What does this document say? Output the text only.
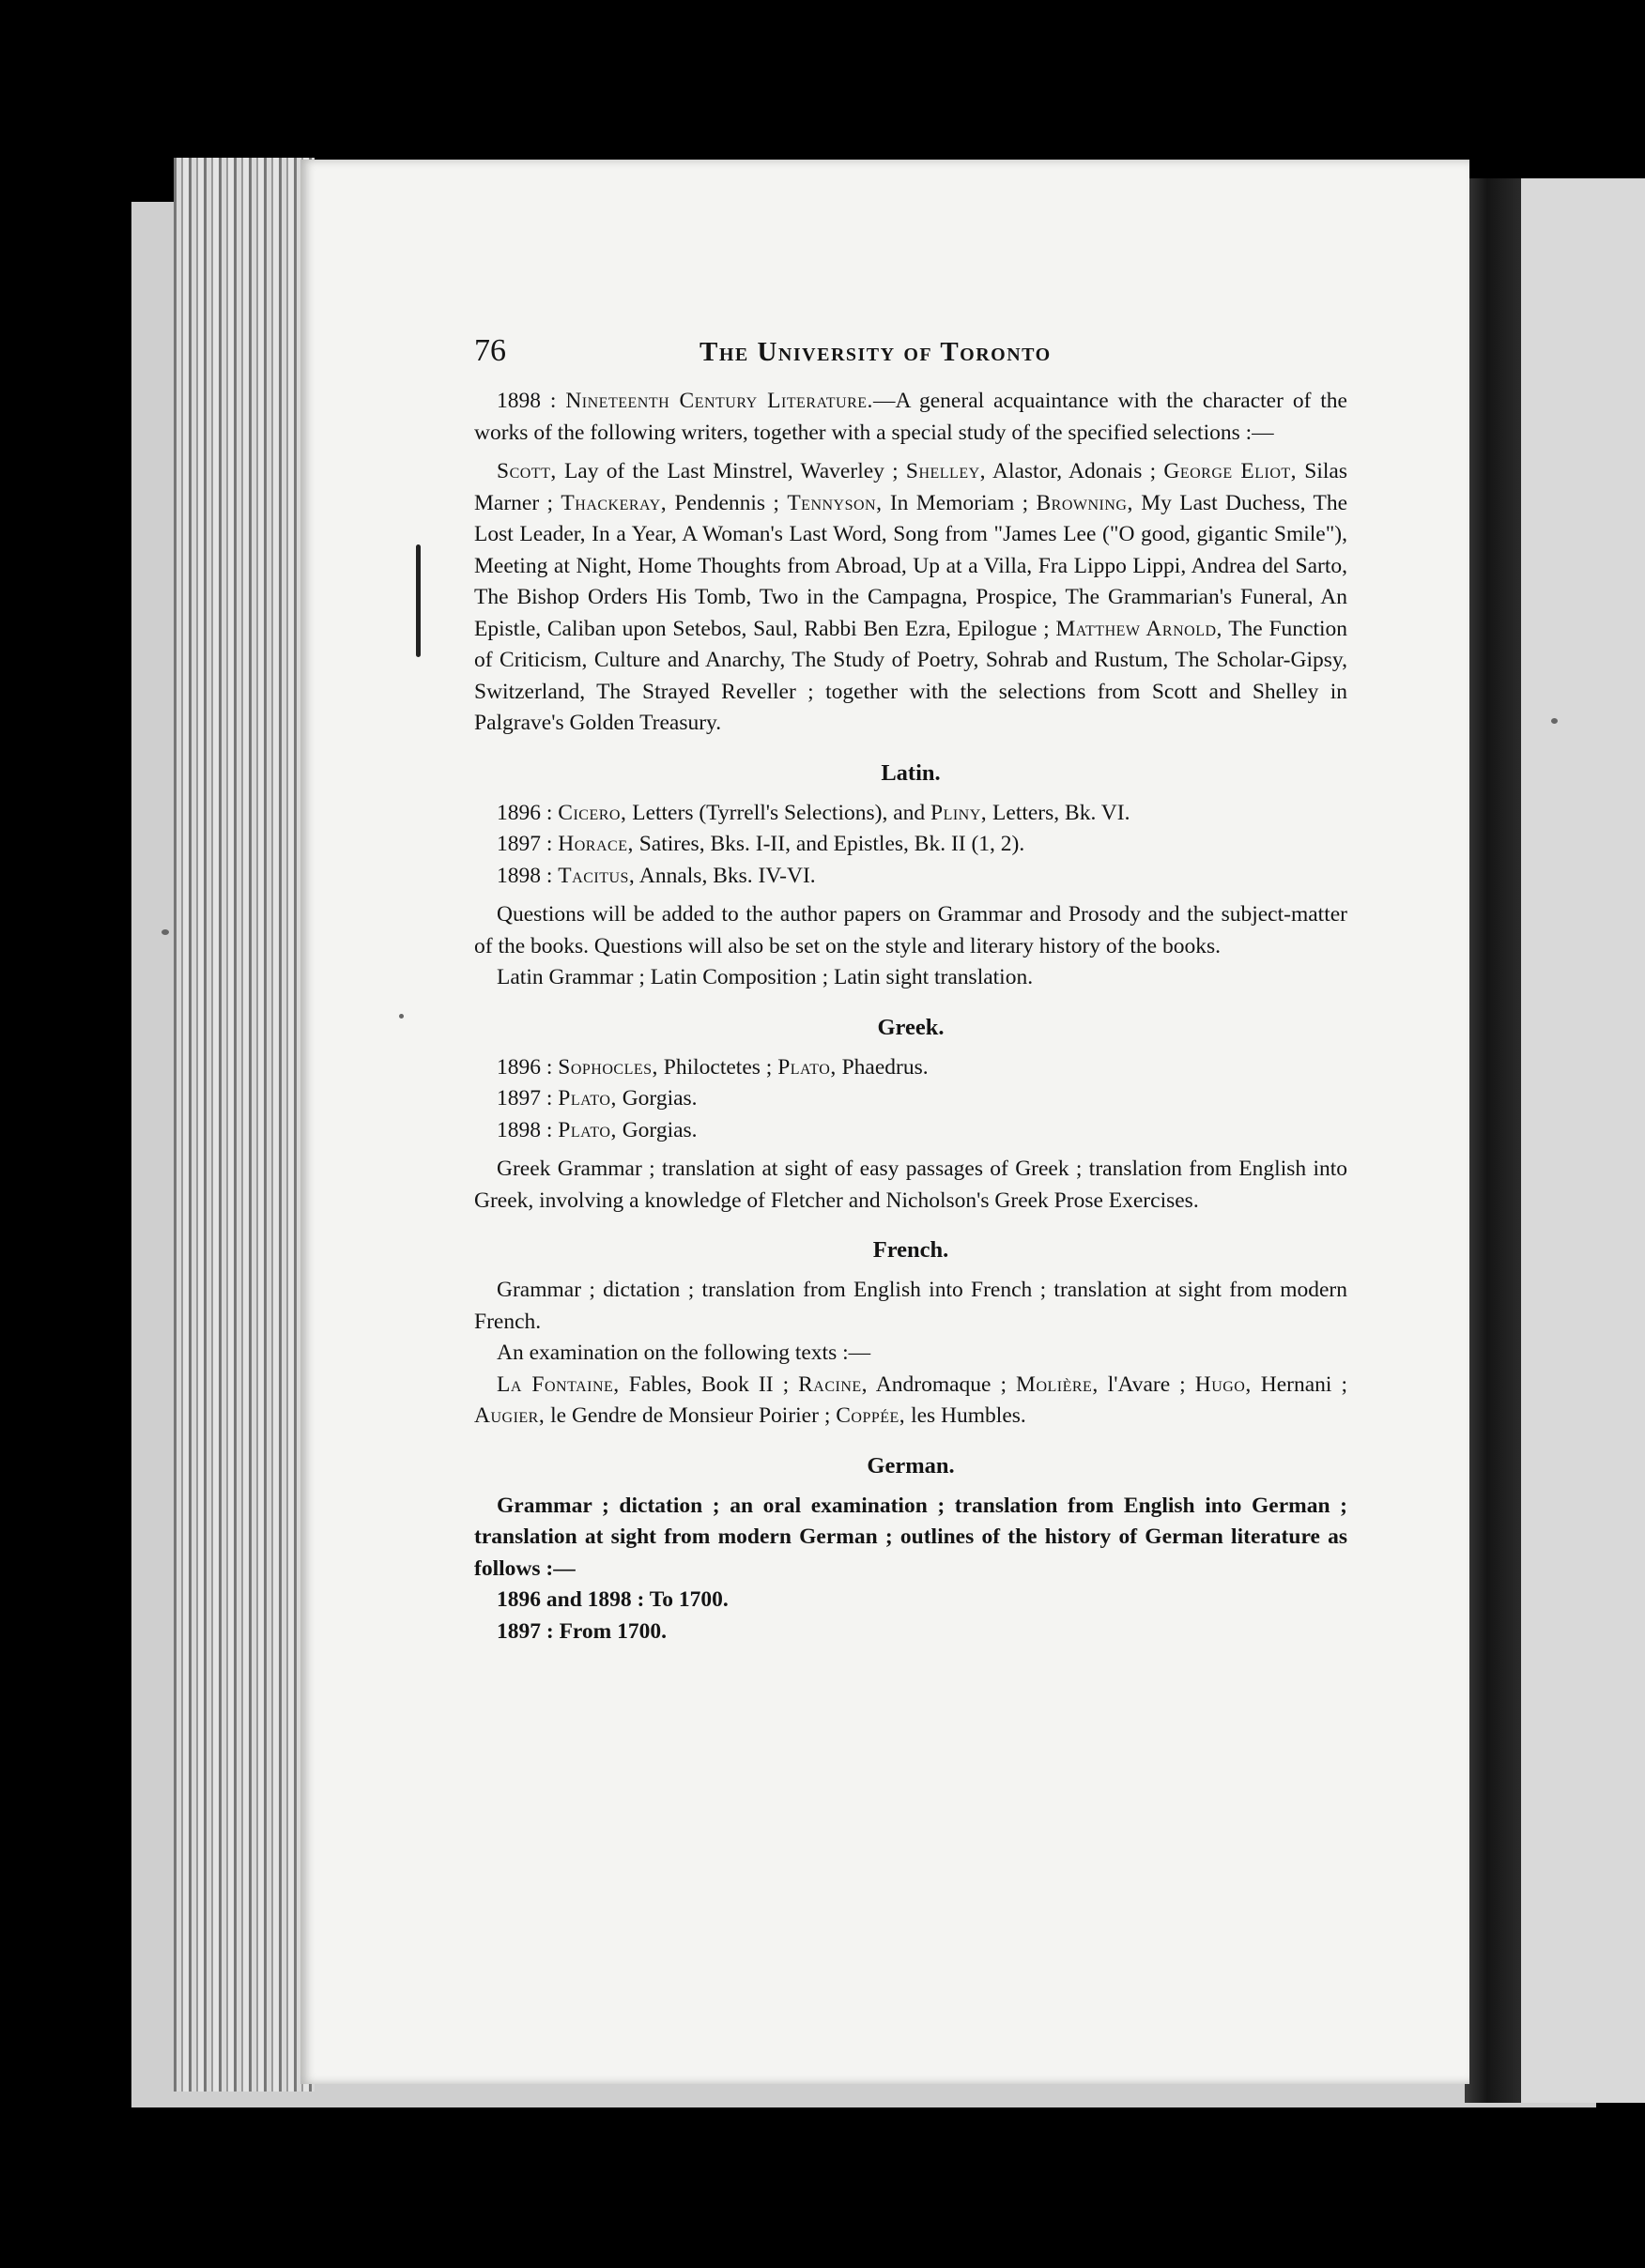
76	The University of Toronto

1898 : Nineteenth Century Literature.—A general acquaintance with the character of the works of the following writers, together with a special study of the specified selections :—

Scott, Lay of the Last Minstrel, Waverley ; Shelley, Alastor, Adonais ; George Eliot, Silas Marner ; Thackeray, Pendennis ; Tennyson, In Memoriam ; Browning, My Last Duchess, The Lost Leader, In a Year, A Woman's Last Word, Song from "James Lee ("O good, gigantic Smile"), Meeting at Night, Home Thoughts from Abroad, Up at a Villa, Fra Lippo Lippi, Andrea del Sarto, The Bishop Orders His Tomb, Two in the Campagna, Prospice, The Grammarian's Funeral, An Epistle, Caliban upon Setebos, Saul, Rabbi Ben Ezra, Epilogue ; Matthew Arnold, The Function of Criticism, Culture and Anarchy, The Study of Poetry, Sohrab and Rustum, The Scholar-Gipsy, Switzerland, The Strayed Reveller ; together with the selections from Scott and Shelley in Palgrave's Golden Treasury.

Latin.
1896 : Cicero, Letters (Tyrrell's Selections), and Pliny, Letters, Bk. VI.
1897 : Horace, Satires, Bks. I-II, and Epistles, Bk. II (1, 2).
1898 : Tacitus, Annals, Bks. IV-VI.

Questions will be added to the author papers on Grammar and Prosody and the subject-matter of the books. Questions will also be set on the style and literary history of the books.

Latin Grammar ; Latin Composition ; Latin sight translation.

Greek.
1896 : Sophocles, Philoctetes ; Plato, Phaedrus.
1897 : Plato, Gorgias.
1898 : Plato, Gorgias.

Greek Grammar ; translation at sight of easy passages of Greek ; translation from English into Greek, involving a knowledge of Fletcher and Nicholson's Greek Prose Exercises.

French.

Grammar ; dictation ; translation from English into French ; translation at sight from modern French.

An examination on the following texts :—

La Fontaine, Fables, Book II ; Racine, Andromaque ; Molière, l'Avare ; Hugo, Hernani ; Augier, le Gendre de Monsieur Poirier ; Coppée, les Humbles.

German.

Grammar ; dictation ; an oral examination ; translation from English into German ; translation at sight from modern German ; outlines of the history of German literature as follows :—

1896 and 1898 : To 1700.
1897 : From 1700.
